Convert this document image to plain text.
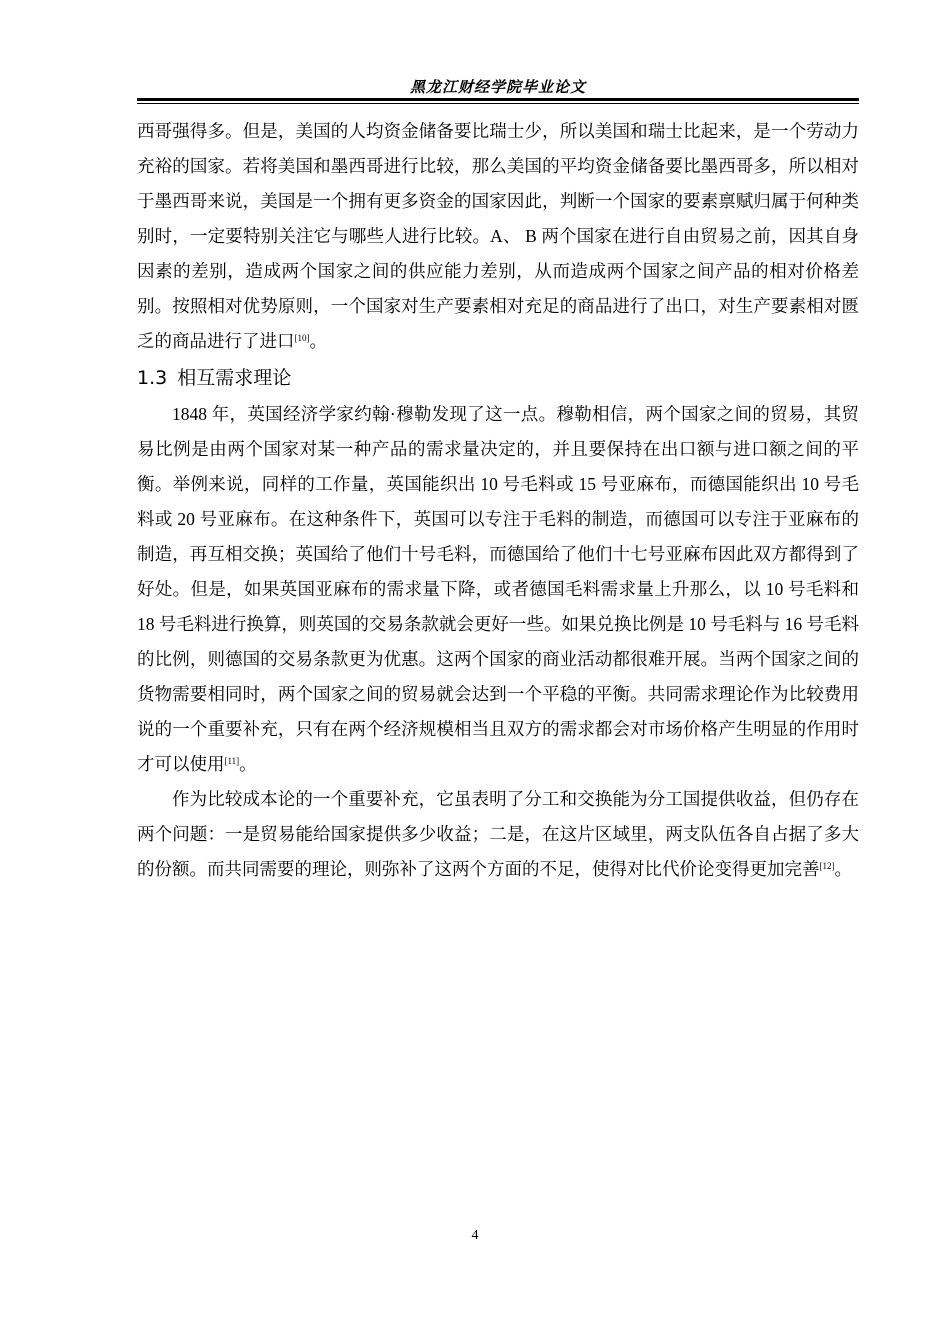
黑龙江财经学院毕业论文

西哥强得多。但是，美国的人均资金储备要比瑞士少，所以美国和瑞士比起来，是一个劳动力充裕的国家。若将美国和墨西哥进行比较，那么美国的平均资金储备要比墨西哥多，所以相对于墨西哥来说，美国是一个拥有更多资金的国家因此，判断一个国家的要素禀赋归属于何种类别时，一定要特别关注它与哪些人进行比较。A、 B 两个国家在进行自由贸易之前，因其自身因素的差别，造成两个国家之间的供应能力差别，从而造成两个国家之间产品的相对价格差别。按照相对优势原则，一个国家对生产要素相对充足的商品进行了出口，对生产要素相对匮乏的商品进行了进口[10]。

1.3 相互需求理论

1848 年，英国经济学家约翰·穆勒发现了这一点。穆勒相信，两个国家之间的贸易，其贸易比例是由两个国家对某一种产品的需求量决定的，并且要保持在出口额与进口额之间的平衡。举例来说，同样的工作量，英国能织出 10 号毛料或 15 号亚麻布，而德国能织出 10 号毛料或 20 号亚麻布。在这种条件下，英国可以专注于毛料的制造，而德国可以专注于亚麻布的制造，再互相交换；英国给了他们十号毛料，而德国给了他们十七号亚麻布因此双方都得到了好处。但是，如果英国亚麻布的需求量下降，或者德国毛料需求量上升那么，以 10 号毛料和 18 号毛料进行换算，则英国的交易条款就会更好一些。如果兑换比例是 10 号毛料与 16 号毛料的比例，则德国的交易条款更为优惠。这两个国家的商业活动都很难开展。当两个国家之间的货物需要相同时，两个国家之间的贸易就会达到一个平稳的平衡。共同需求理论作为比较费用说的一个重要补充，只有在两个经济规模相当且双方的需求都会对市场价格产生明显的作用时才可以使用[11]。

作为比较成本论的一个重要补充，它虽表明了分工和交换能为分工国提供收益，但仍存在两个问题：一是贸易能给国家提供多少收益；二是，在这片区域里，两支队伍各自占据了多大的份额。而共同需要的理论，则弥补了这两个方面的不足，使得对比代价论变得更加完善[12]。

4
